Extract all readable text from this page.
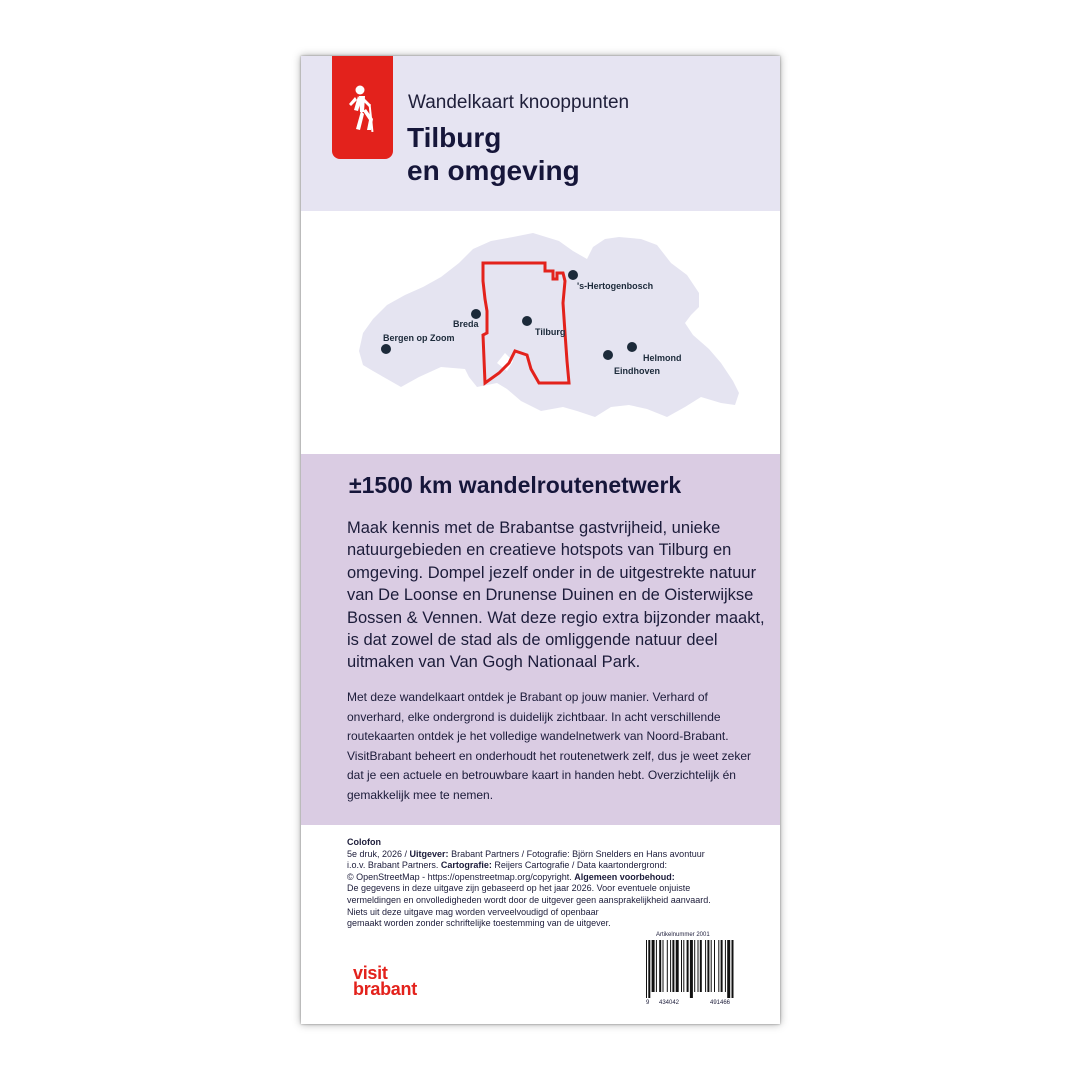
Wandelkaart knooppunten
Tilburg
en omgeving
's-Hertogenbosch
Breda
Tilburg
Bergen op Zoom
Helmond
Eindhoven
±1500 km wandelroutenetwerk
Maak kennis met de Brabantse gastvrijheid, unieke natuurgebieden en creatieve hotspots van Tilburg en omgeving. Dompel jezelf onder in de uitgestrekte natuur van De Loonse en Drunense Duinen en de Oisterwijkse Bossen & Vennen. Wat deze regio extra bijzonder maakt, is dat zowel de stad als de omliggende natuur deel uitmaken van Van Gogh Nationaal Park.
Met deze wandelkaart ontdek je Brabant op jouw manier. Verhard of onverhard, elke ondergrond is duidelijk zichtbaar. In acht verschillende routekaarten ontdek je het volledige wandelnetwerk van Noord-Brabant. VisitBrabant beheert en onderhoudt het routenetwerk zelf, dus je weet zeker dat je een actuele en betrouwbare kaart in handen hebt. Overzichtelijk én gemakkelijk mee te nemen.
Colofon
5e druk, 2026 / Uitgever: Brabant Partners / Fotografie: Björn Snelders en Hans avontuur
i.o.v. Brabant Partners. Cartografie: Reijers Cartografie / Data kaartondergrond:
© OpenStreetMap - https://openstreetmap.org/copyright. Algemeen voorbehoud:
De gegevens in deze uitgave zijn gebaseerd op het jaar 2026. Voor eventuele onjuiste
vermeldingen en onvolledigheden wordt door de uitgever geen aansprakelijkheid aanvaard.
Niets uit deze uitgave mag worden verveelvoudigd of openbaar
gemaakt worden zonder schriftelijke toestemming van de uitgever.
visit
brabant
Artikelnummer 2001
9 434042	491466
